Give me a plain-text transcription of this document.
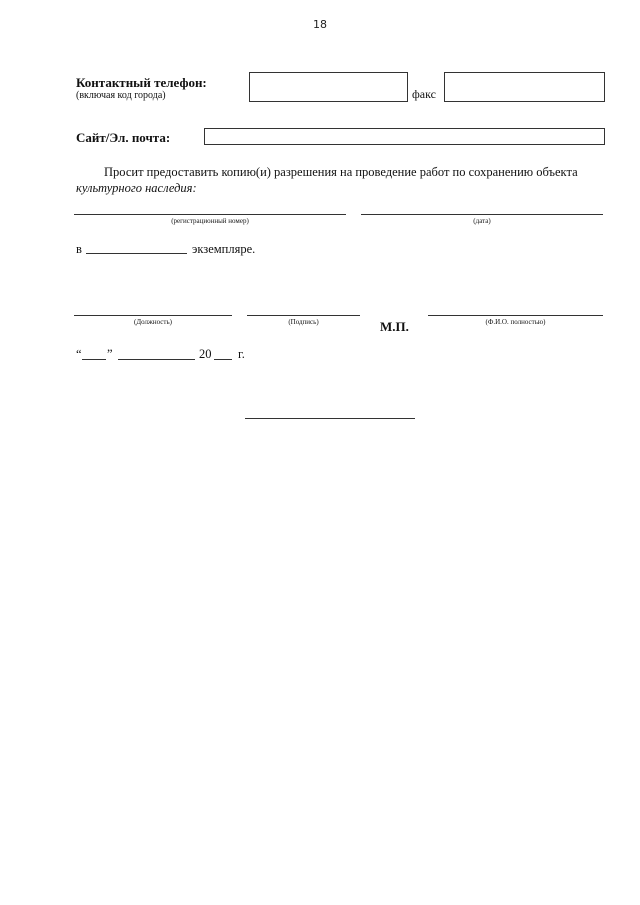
18
Контактный телефон:
(включая код города)	факс
Сайт/Эл. почта:
Просит предоставить копию(и) разрешения на проведение работ по сохранению объекта
культурного наследия:
(регистрационный номер)	(дата)
в	экземпляре.
(Должность)	(Подпись)	М.П.	(Ф.И.О. полностью)
“ ”	20 г.
